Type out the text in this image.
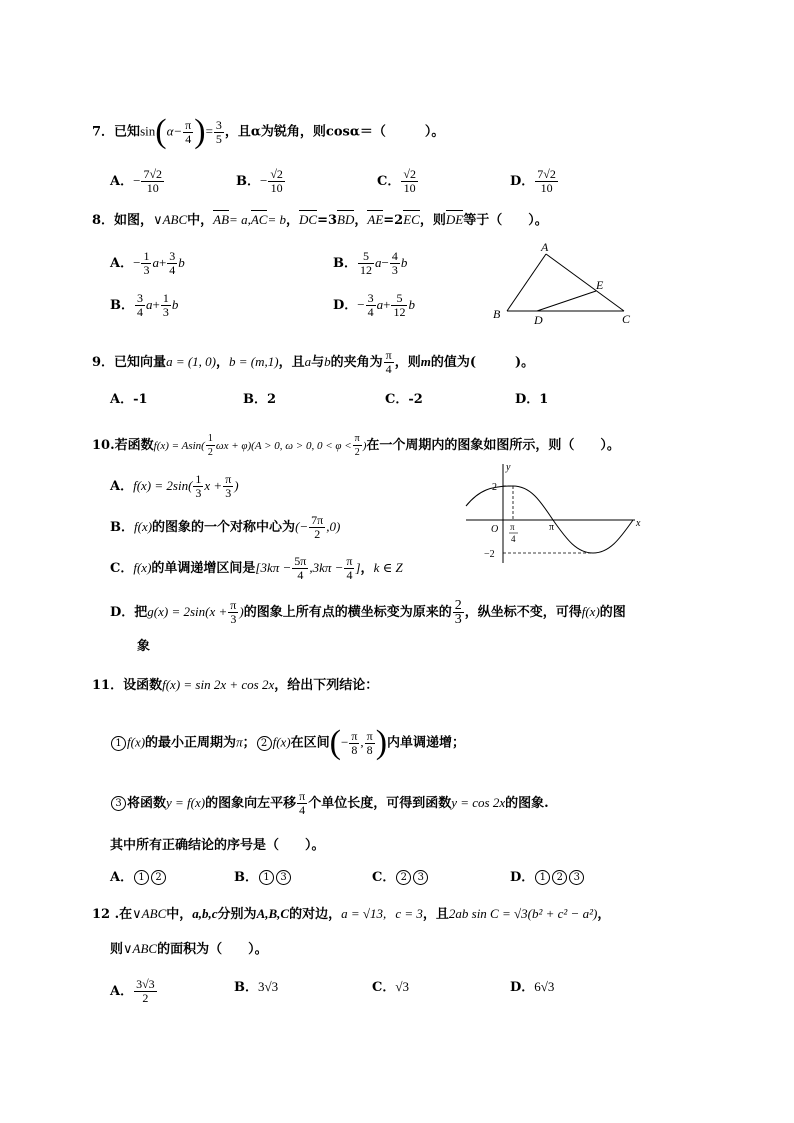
7．已知$\sin(\alpha- \frac{\pi}{4}$ )= $\frac{3}{5}$ ，且α为锐角，则cosα＝（　　　）。
A．− $\frac{7√2}{10}$	B．− $\frac{√2}{10}$	C． $\frac{√2}{10}$	D． $\frac{7√2}{10}$
8．如图，∨ABC中，AB= a,AC= b，DC=3BD，AE=2EC，则DE等于（　　）。
A．− $\frac{1}{3} a+ \frac{3}{4}$ b	B． $\frac{5}{12} a- \frac{4}{3}$ b
B． $\frac{3}{4} a+ \frac{1}{3}$ b	D．− $\frac{3}{4} a+ \frac{5}{12}$ b
A
B	C
D
E
9．已知向量a = (1, 0)，b = (m,1)，且a与b的夹角为 $\frac{\pi}{4}$ ，则m的值为(　　　)。
A．-1	B．2	C．-2	D．1
10.若函数$f(x) = Asin( \frac{1}{2}$ ωx + φ)(A > 0, ω > 0, $0 < \varphi < \frac{\pi}{2}$ )在一个周期内的图象如图所示，则（　　）。
A．$f(x) = 2\sin( \frac{1}{3}$ $x + \frac{\pi}{3}$ )
B．f(x)的图象的一个对称中心为(− $\frac{7\pi}{2} ,0$)
C．f(x)的单调递增区间是[$3k\pi - \frac{5\pi}{4} ,3k\pi - \frac{\pi}{4}$ ]，k ∈ Z
D．把$g(x) = 2\sin(x + \frac{\pi}{3}$ )的图象上所有点的横坐标变为原来的 $\frac{2}{3}$ ，纵坐标不变，可得f(x)的图
象
y
x
O
2
−2
π
π
4
11．设函数f(x) = sin 2x + cos 2x，给出下列结论：
1 f(x)的最小正周期为π； 2 f(x)在区间(− $\frac{\pi}{8}$ , $\frac{\pi}{8}$ )内单调递增；
3 将函数y = f(x)的图象向左平移 $\frac{\pi}{4}$ 个单位长度，可得到函数y = cos 2x的图象.
其中所有正确结论的序号是（　　）。
A． 1 2	B． 1 3	C． 2 3	D． 1 2 3
12 .在∨ABC中，a,b,c分别为A,B,C的对边，a = √13, c = 3，且2ab sin C = √3(b² + c² − a²)，
则∨ABC的面积为（　　）。
A． $\frac{3√3}{2}$	B．3√3	C．√3	D．6√3
